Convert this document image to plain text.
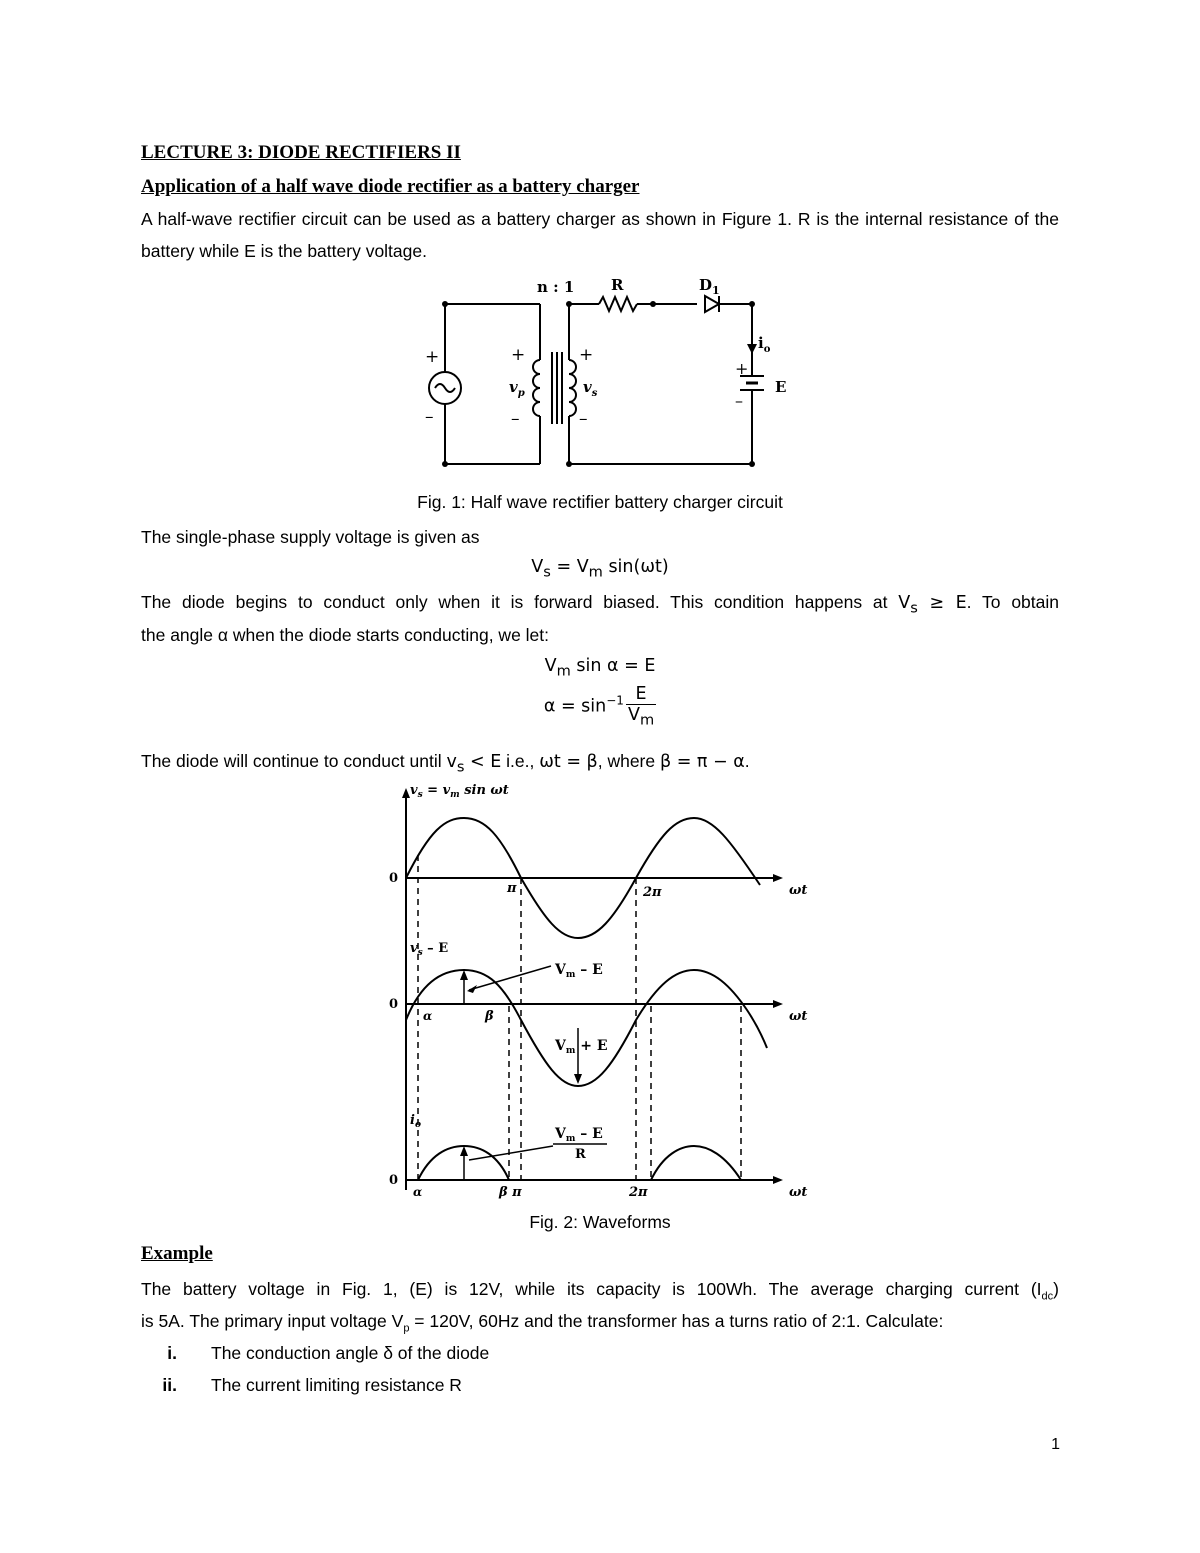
LECTURE 3: DIODE RECTIFIERS II
Application of a half wave diode rectifier as a battery charger
A half-wave rectifier circuit can be used as a battery charger as shown in Figure 1. R is the internal resistance of the battery while E is the battery voltage.
n : 1 R	$D_1$
+
–
+
–
$v_p$
+
–
$v_s$
$i_o$
+
–
E
Fig. 1: Half wave rectifier battery charger circuit
The single-phase supply voltage is given as
$V_s = V_m$ sin(ωt)
The diode begins to conduct only when it is forward biased. This condition happens at $V_s \ge E$. To obtain
the angle α when the diode starts conducting, we let:
$V_m$ sin α = E
$\alpha = \sin^{-1} \frac{E}{V_m}$
The diode will continue to conduct until $v_s < E$ i.e., ωt = β, where β = π − α.
$v_s = v_m$ sin ωt
0
ωt
π	2π
$v_s$ – E
0
ωt
α	β
$V_m$ – E
$V_m + E$
$i_o$
0
ωt
α	β π	2π
$V_m$ – E
R
Fig. 2: Waveforms
Example
The battery voltage in Fig. 1, (E) is 12V, while its capacity is 100Wh. The average charging current $(I_{dc})$
is 5A. The primary input voltage $V_p = 120V$, 60Hz and the transformer has a turns ratio of 2:1. Calculate:
i. The conduction angle δ of the diode
ii. The current limiting resistance R
1
